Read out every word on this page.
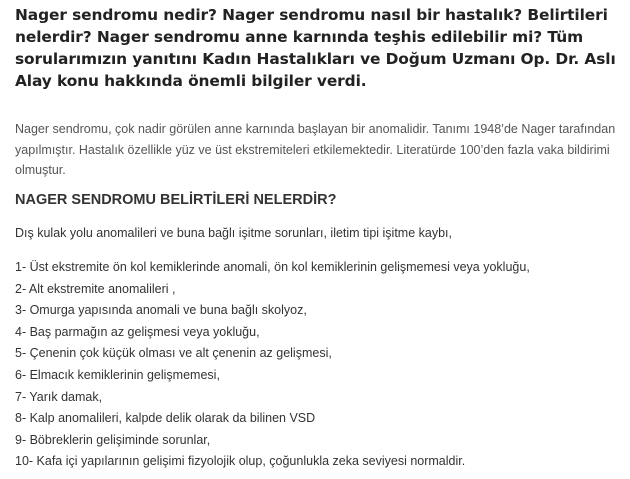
Nager sendromu nedir? Nager sendromu nasıl bir hastalık? Belirtileri nelerdir? Nager sendromu anne karnında teşhis edilebilir mi? Tüm sorularımızın yanıtını Kadın Hastalıkları ve Doğum Uzmanı Op. Dr. Aslı Alay konu hakkında önemli bilgiler verdi.

Nager sendromu, çok nadir görülen anne karnında başlayan bir anomalidir. Tanımı 1948’de Nager tarafından yapılmıştır. Hastalık özellikle yüz ve üst ekstremiteleri etkilemektedir. Literatürde 100’den fazla vaka bildirimi olmuştur.

NAGER SENDROMU BELİRTİLERİ NELERDİR?

Dış kulak yolu anomalileri ve buna bağlı işitme sorunları, iletim tipi işitme kaybı,

1- Üst ekstremite ön kol kemiklerinde anomali, ön kol kemiklerinin gelişmemesi veya yokluğu,
2- Alt ekstremite anomalileri ,
3- Omurga yapısında anomali ve buna bağlı skolyoz,
4- Baş parmağın az gelişmesi veya yokluğu,
5- Çenenin çok küçük olması ve alt çenenin az gelişmesi,
6- Elmacık kemiklerinin gelişmemesi,
7- Yarık damak,
8- Kalp anomalileri, kalpde delik olarak da bilinen VSD
9- Böbreklerin gelişiminde sorunlar,
10- Kafa içi yapılarının gelişimi fizyolojik olup, çoğunlukla zeka seviyesi normaldir.
